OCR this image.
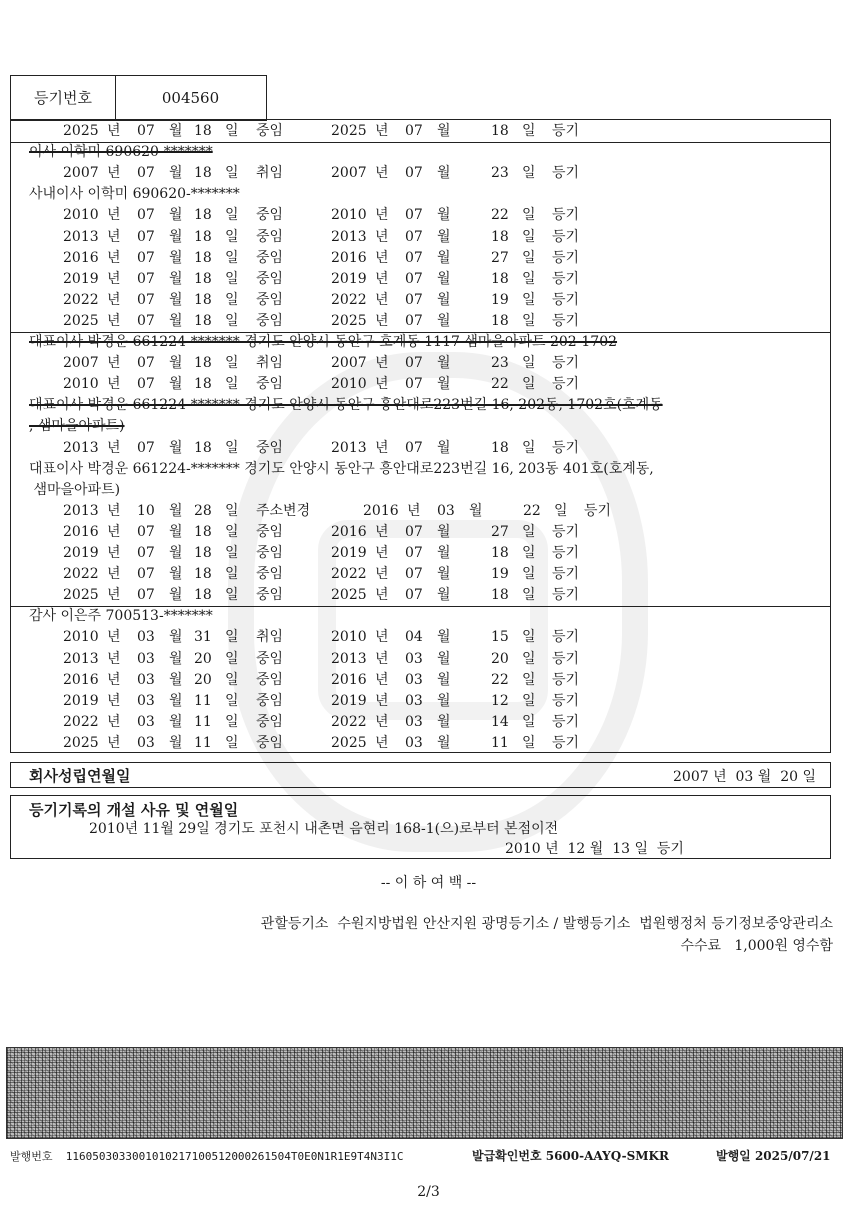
등기번호	004560
2025 년 07 월 18 일 중임	2025 년 07 월	18 일 등기
이사 이학미 690620-*******
2007 년 07 월 18 일 취임	2007 년 07 월	23 일 등기
사내이사 이학미 690620-*******
2010 년 07 월 18 일 중임	2010 년 07 월	22 일 등기
2013 년 07 월 18 일 중임	2013 년 07 월	18 일 등기
2016 년 07 월 18 일 중임	2016 년 07 월	27 일 등기
2019 년 07 월 18 일 중임	2019 년 07 월	18 일 등기
2022 년 07 월 18 일 중임	2022 년 07 월	19 일 등기
2025 년 07 월 18 일 중임	2025 년 07 월	18 일 등기
대표이사 박경운 661224-******* 경기도 안양시 동안구 호계동 1117 샘마을아파트 202-1702
2007 년 07 월 18 일 취임	2007 년 07 월	23 일 등기
2010 년 07 월 18 일 중임	2010 년 07 월	22 일 등기
대표이사 박경운 661224-******* 경기도 안양시 동안구 흥안대로223번길 16, 202동, 1702호(호계동
, 샘마을아파트)
2013 년 07 월 18 일 중임	2013 년 07 월	18 일 등기
대표이사 박경운 661224-******* 경기도 안양시 동안구 흥안대로223번길 16, 203동 401호(호계동,
샘마을아파트)
2013 년 10 월 28 일 주소변경	2016 년 03 월	22 일 등기
2016 년 07 월 18 일 중임	2016 년 07 월	27 일 등기
2019 년 07 월 18 일 중임	2019 년 07 월	18 일 등기
2022 년 07 월 18 일 중임	2022 년 07 월	19 일 등기
2025 년 07 월 18 일 중임	2025 년 07 월	18 일 등기
감사 이은주 700513-*******
2010 년 03 월 31 일 취임	2010 년 04 월	15 일 등기
2013 년 03 월 20 일 중임	2013 년 03 월	20 일 등기
2016 년 03 월 20 일 중임	2016 년 03 월	22 일 등기
2019 년 03 월 11 일 중임	2019 년 03 월	12 일 등기
2022 년 03 월 11 일 중임	2022 년 03 월	14 일 등기
2025 년 03 월 11 일 중임	2025 년 03 월	11 일 등기
회사성립연월일	2007 년  03 월  20 일
등기기록의 개설 사유 및 연월일
2010년 11월 29일 경기도 포천시 내촌면 음현리 168-1(으)로부터 본점이전
2010 년  12 월  13 일  등기
-- 이 하 여 백 --
관할등기소  수원지방법원 안산지원 광명등기소 / 발행등기소  법원행정처 등기정보중앙관리소
수수료   1,000원 영수함
발행번호  116050303300101021710051200026150​4T0E0N1R1E9T4N3I1C	발급확인번호 5600-AAYQ-SMKR	발행일 2025/07/21
2/3
